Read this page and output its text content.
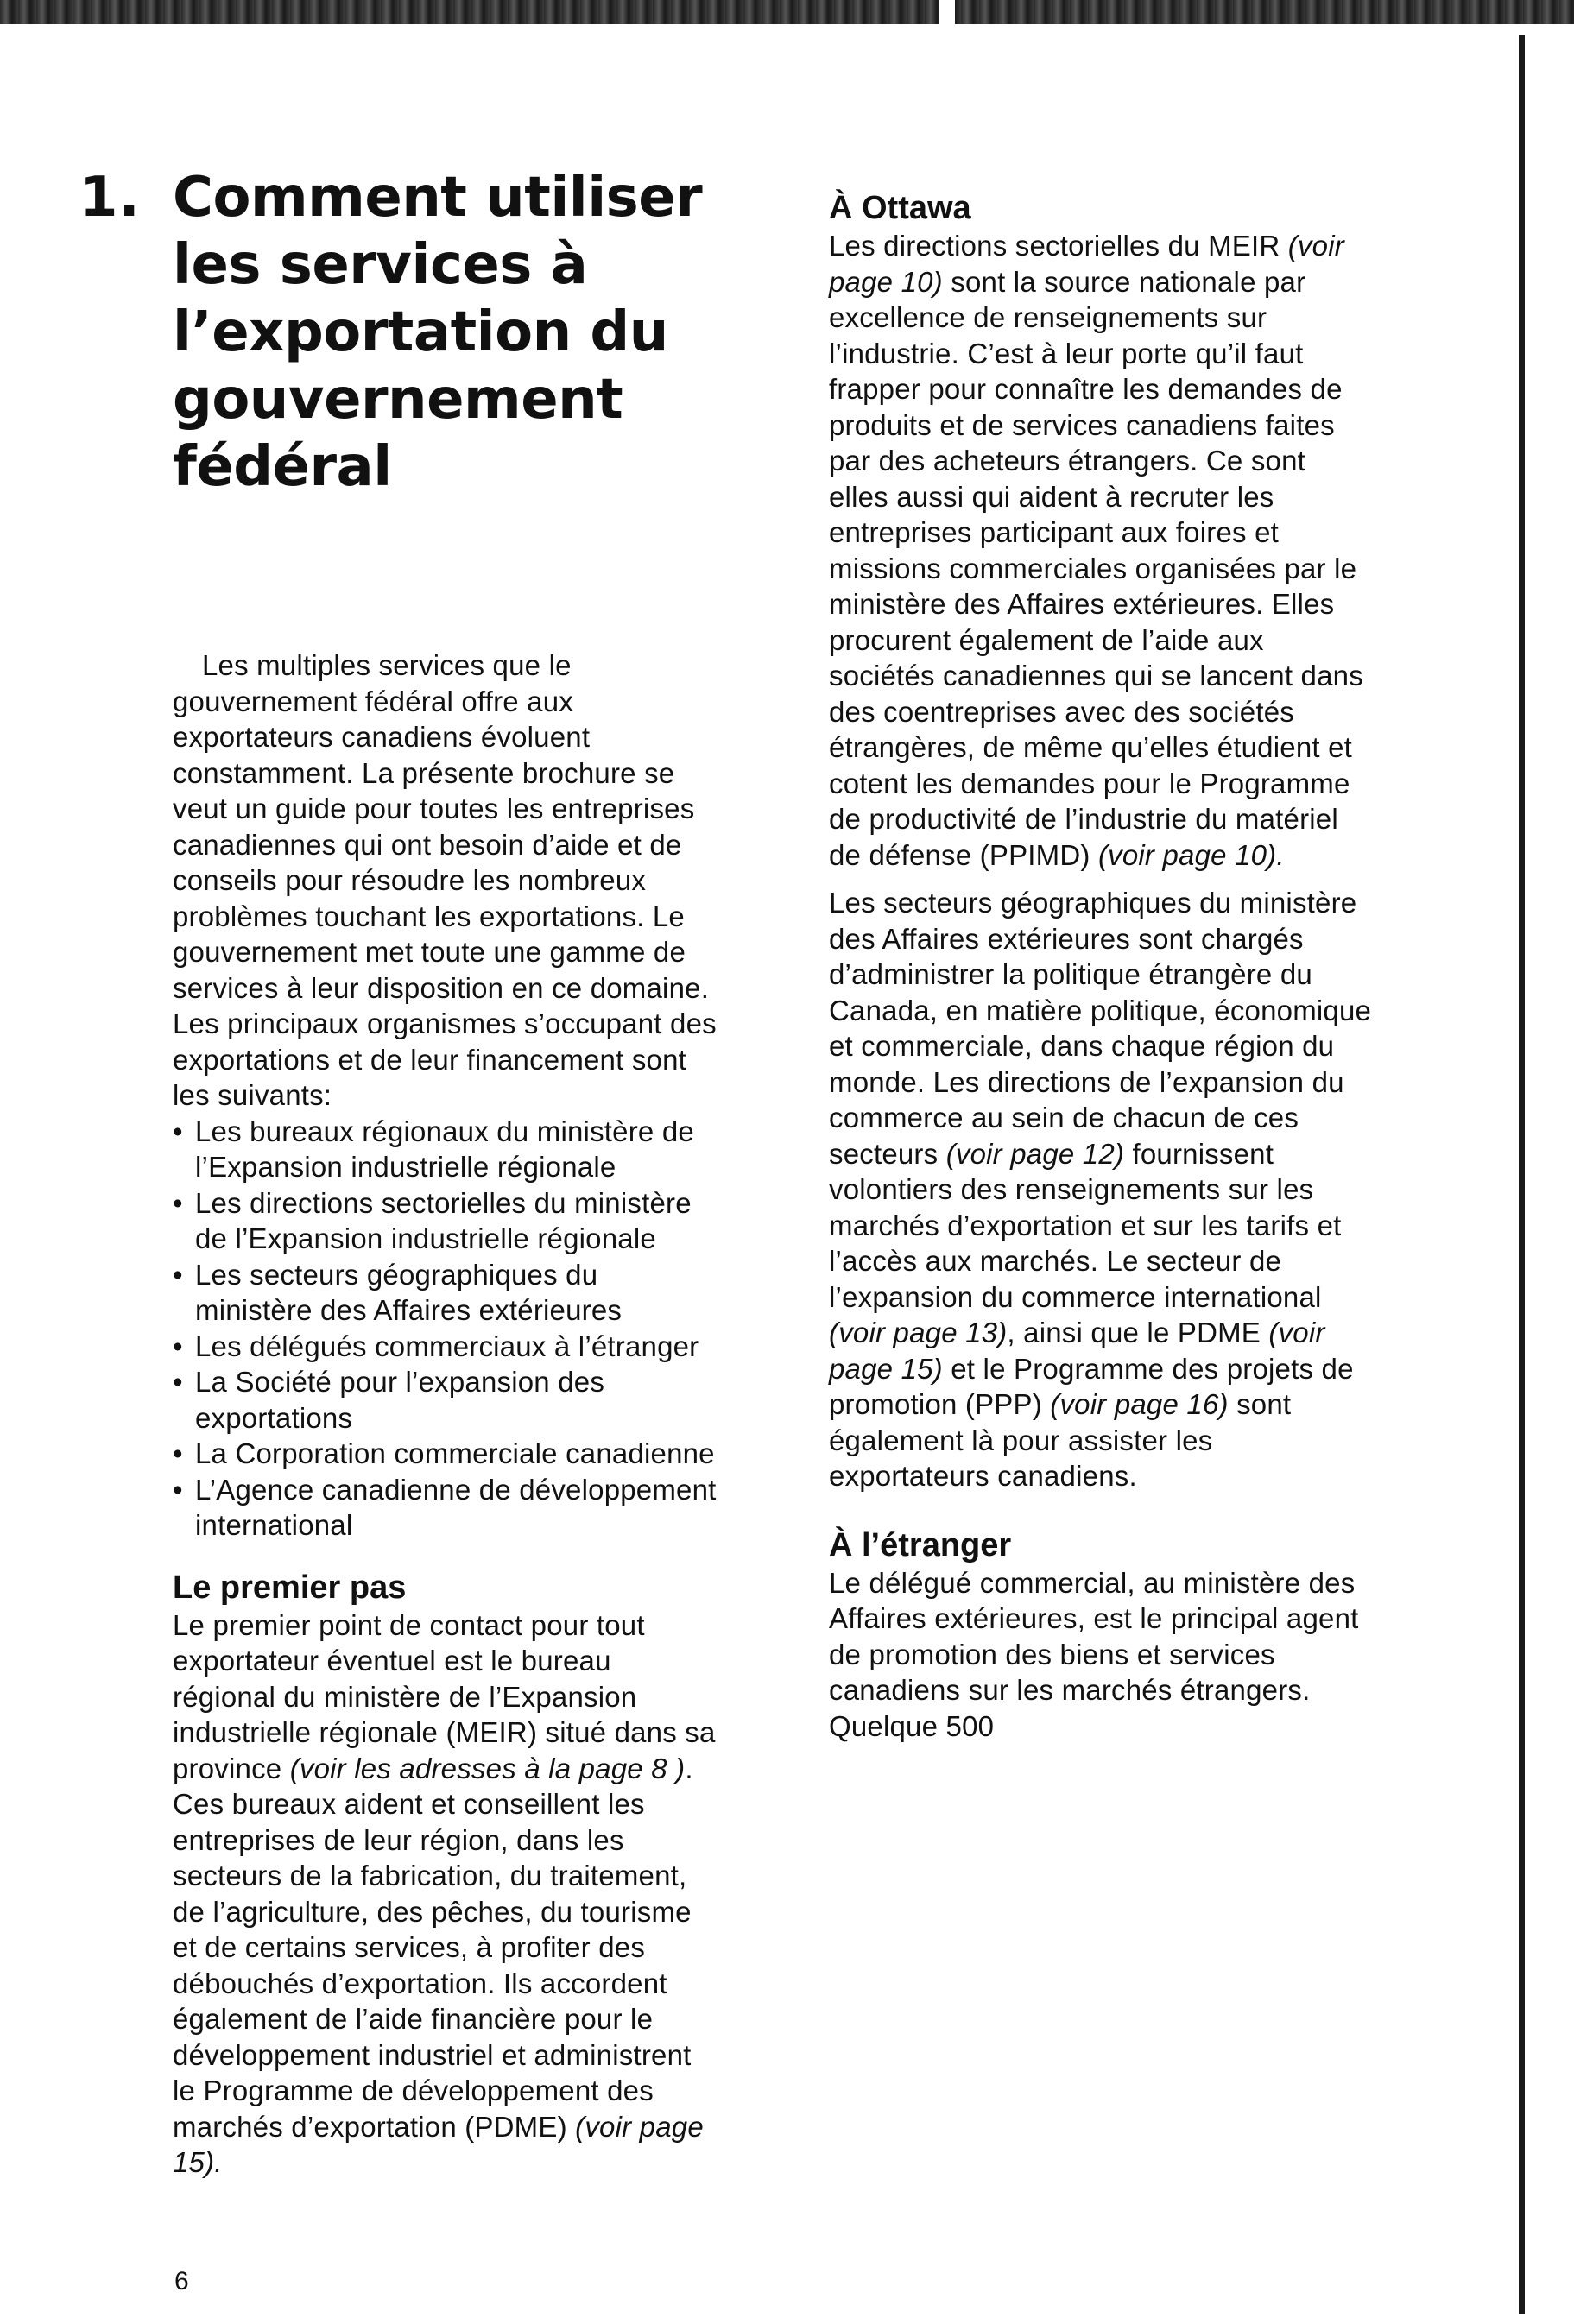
1. Comment utiliser les services à l’exportation du gouvernement fédéral

Les multiples services que le gouvernement fédéral offre aux exportateurs canadiens évoluent constamment. La présente brochure se veut un guide pour toutes les entreprises canadiennes qui ont besoin d’aide et de conseils pour résoudre les nombreux problèmes touchant les exportations. Le gouvernement met toute une gamme de services à leur disposition en ce domaine. Les principaux organismes s’occupant des exportations et de leur financement sont les suivants:

• Les bureaux régionaux du ministère de l’Expansion industrielle régionale
• Les directions sectorielles du ministère de l’Expansion industrielle régionale
• Les secteurs géographiques du ministère des Affaires extérieures
• Les délégués commerciaux à l’étranger
• La Société pour l’expansion des exportations
• La Corporation commerciale canadienne
• L’Agence canadienne de développement international
Le premier pas

Le premier point de contact pour tout exportateur éventuel est le bureau régional du ministère de l’Expansion industrielle régionale (MEIR) situé dans sa province (voir les adresses à la page 8 ). Ces bureaux aident et conseillent les entreprises de leur région, dans les secteurs de la fabrication, du traitement, de l’agriculture, des pêches, du tourisme et de certains services, à profiter des débouchés d’exportation. Ils accordent également de l’aide financière pour le développement industriel et administrent le Programme de développement des marchés d’exportation (PDME) (voir page 15).

À Ottawa

Les directions sectorielles du MEIR (voir page 10) sont la source nationale par excellence de renseignements sur l’industrie. C’est à leur porte qu’il faut frapper pour connaître les demandes de produits et de services canadiens faites par des acheteurs étrangers. Ce sont elles aussi qui aident à recruter les entreprises participant aux foires et missions commerciales organisées par le ministère des Affaires extérieures. Elles procurent également de l’aide aux sociétés canadiennes qui se lancent dans des coentreprises avec des sociétés étrangères, de même qu’elles étudient et cotent les demandes pour le Programme de productivité de l’industrie du matériel de défense (PPIMD) (voir page 10).

Les secteurs géographiques du ministère des Affaires extérieures sont chargés d’administrer la politique étrangère du Canada, en matière politique, économique et commerciale, dans chaque région du monde. Les directions de l’expansion du commerce au sein de chacun de ces secteurs (voir page 12) fournissent volontiers des renseignements sur les marchés d’exportation et sur les tarifs et l’accès aux marchés. Le secteur de l’expansion du commerce international (voir page 13), ainsi que le PDME (voir page 15) et le Programme des projets de promotion (PPP) (voir page 16) sont également là pour assister les exportateurs canadiens.

À l’étranger

Le délégué commercial, au ministère des Affaires extérieures, est le principal agent de promotion des biens et services canadiens sur les marchés étrangers. Quelque 500

6
